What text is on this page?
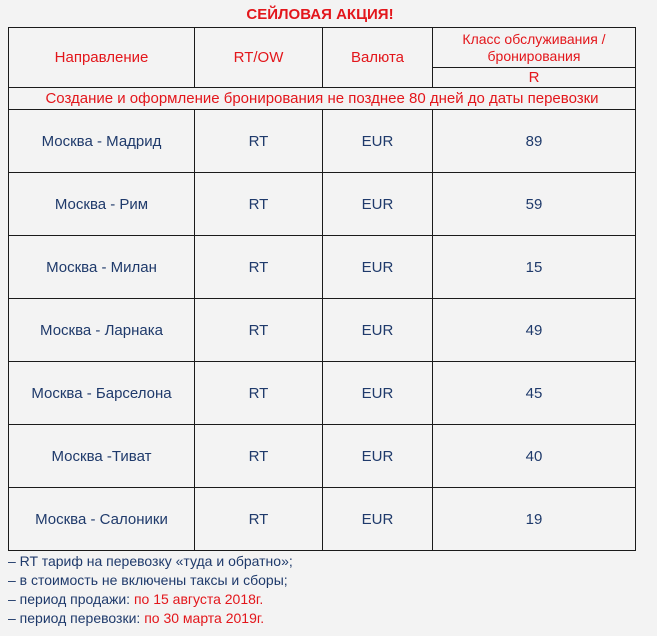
СЕЙЛОВАЯ АКЦИЯ!
Направление	RT/OW	Валюта	Класс обслуживания / бронирования
			R
Создание и оформление бронирования не позднее 80 дней до даты перевозки			
Москва - Мадрид	RT	EUR	89
Москва - Рим	RT	EUR	59
Москва - Милан	RT	EUR	15
Москва - Ларнака	RT	EUR	49
Москва - Барселона	RT	EUR	45
Москва -Тиват	RT	EUR	40
Москва - Салоники	RT	EUR	19
– RT тариф на перевозку «туда и обратно»;
– в стоимость не включены таксы и сборы;
– период продажи: по 15 августа 2018г.
– период перевозки: по 30 марта 2019г.
